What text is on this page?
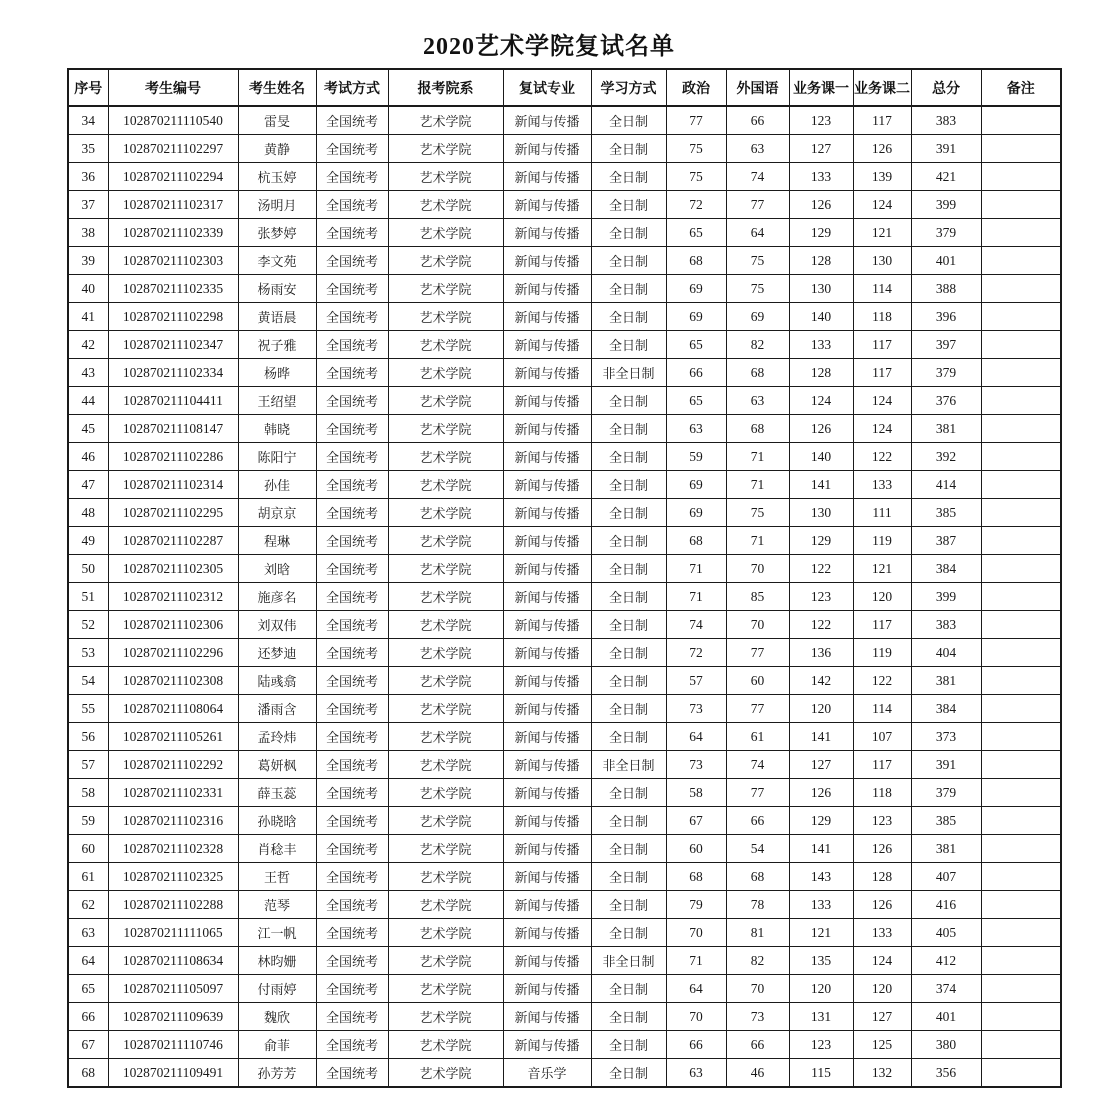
2020艺术学院复试名单
序号	考生编号	考生姓名	考试方式	报考院系	复试专业	学习方式	政治	外国语	业务课一	业务课二	总分	备注
34	102870211110540	雷旻	全国统考	艺术学院	新闻与传播	全日制	77	66	123	117	383	
35	102870211102297	黄静	全国统考	艺术学院	新闻与传播	全日制	75	63	127	126	391	
36	102870211102294	杭玉婷	全国统考	艺术学院	新闻与传播	全日制	75	74	133	139	421	
37	102870211102317	汤明月	全国统考	艺术学院	新闻与传播	全日制	72	77	126	124	399	
38	102870211102339	张梦婷	全国统考	艺术学院	新闻与传播	全日制	65	64	129	121	379	
39	102870211102303	李文苑	全国统考	艺术学院	新闻与传播	全日制	68	75	128	130	401	
40	102870211102335	杨雨安	全国统考	艺术学院	新闻与传播	全日制	69	75	130	114	388	
41	102870211102298	黄语晨	全国统考	艺术学院	新闻与传播	全日制	69	69	140	118	396	
42	102870211102347	祝子雅	全国统考	艺术学院	新闻与传播	全日制	65	82	133	117	397	
43	102870211102334	杨晔	全国统考	艺术学院	新闻与传播	非全日制	66	68	128	117	379	
44	102870211104411	王绍望	全国统考	艺术学院	新闻与传播	全日制	65	63	124	124	376	
45	102870211108147	韩晓	全国统考	艺术学院	新闻与传播	全日制	63	68	126	124	381	
46	102870211102286	陈阳宁	全国统考	艺术学院	新闻与传播	全日制	59	71	140	122	392	
47	102870211102314	孙佳	全国统考	艺术学院	新闻与传播	全日制	69	71	141	133	414	
48	102870211102295	胡京京	全国统考	艺术学院	新闻与传播	全日制	69	75	130	111	385	
49	102870211102287	程琳	全国统考	艺术学院	新闻与传播	全日制	68	71	129	119	387	
50	102870211102305	刘晗	全国统考	艺术学院	新闻与传播	全日制	71	70	122	121	384	
51	102870211102312	施彦名	全国统考	艺术学院	新闻与传播	全日制	71	85	123	120	399	
52	102870211102306	刘双伟	全国统考	艺术学院	新闻与传播	全日制	74	70	122	117	383	
53	102870211102296	还梦迪	全国统考	艺术学院	新闻与传播	全日制	72	77	136	119	404	
54	102870211102308	陆彧翕	全国统考	艺术学院	新闻与传播	全日制	57	60	142	122	381	
55	102870211108064	潘雨含	全国统考	艺术学院	新闻与传播	全日制	73	77	120	114	384	
56	102870211105261	孟玲炜	全国统考	艺术学院	新闻与传播	全日制	64	61	141	107	373	
57	102870211102292	葛妍枫	全国统考	艺术学院	新闻与传播	非全日制	73	74	127	117	391	
58	102870211102331	薛玉蕊	全国统考	艺术学院	新闻与传播	全日制	58	77	126	118	379	
59	102870211102316	孙晓晗	全国统考	艺术学院	新闻与传播	全日制	67	66	129	123	385	
60	102870211102328	肖稔丰	全国统考	艺术学院	新闻与传播	全日制	60	54	141	126	381	
61	102870211102325	王哲	全国统考	艺术学院	新闻与传播	全日制	68	68	143	128	407	
62	102870211102288	范琴	全国统考	艺术学院	新闻与传播	全日制	79	78	133	126	416	
63	102870211111065	江一帆	全国统考	艺术学院	新闻与传播	全日制	70	81	121	133	405	
64	102870211108634	林昀姗	全国统考	艺术学院	新闻与传播	非全日制	71	82	135	124	412	
65	102870211105097	付雨婷	全国统考	艺术学院	新闻与传播	全日制	64	70	120	120	374	
66	102870211109639	魏欣	全国统考	艺术学院	新闻与传播	全日制	70	73	131	127	401	
67	102870211110746	俞菲	全国统考	艺术学院	新闻与传播	全日制	66	66	123	125	380	
68	102870211109491	孙芳芳	全国统考	艺术学院	音乐学	全日制	63	46	115	132	356	
